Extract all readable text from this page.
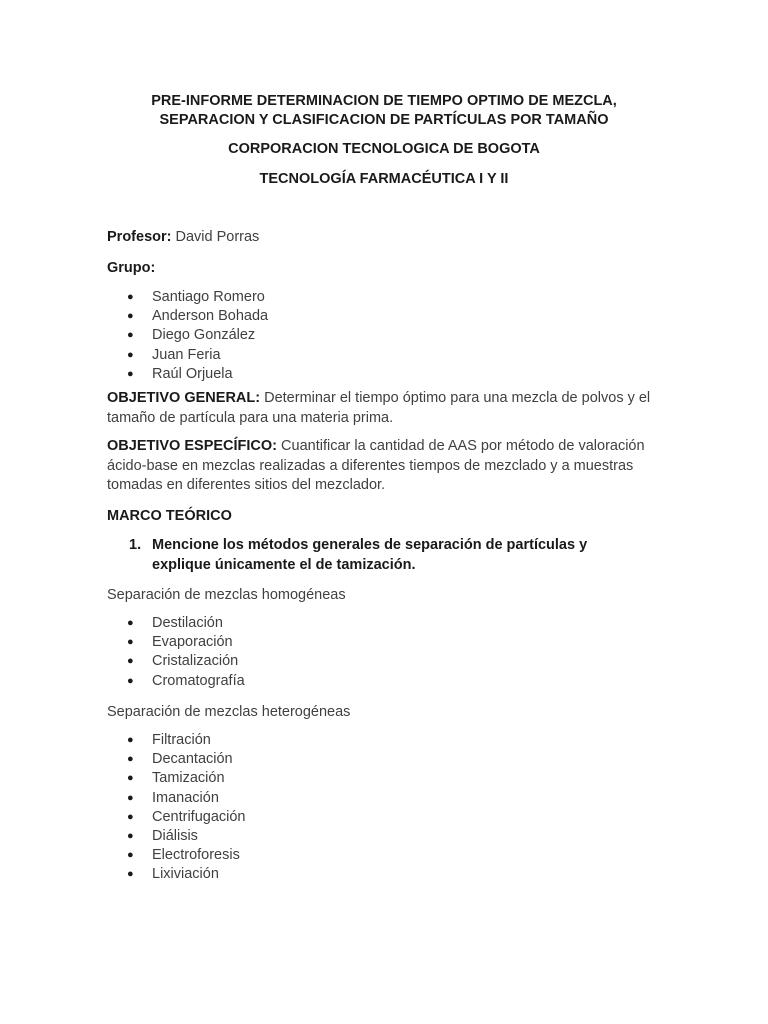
PRE-INFORME DETERMINACION DE TIEMPO OPTIMO DE MEZCLA,
SEPARACION Y CLASIFICACION DE PARTÍCULAS POR TAMAÑO
CORPORACION TECNOLOGICA DE BOGOTA
TECNOLOGÍA FARMACÉUTICA I Y II
Profesor: David Porras
Grupo:
● Santiago Romero
● Anderson Bohada
● Diego González
● Juan Feria
● Raúl Orjuela
OBJETIVO GENERAL: Determinar el tiempo óptimo para una mezcla de polvos y el tamaño de partícula para una materia prima.
OBJETIVO ESPECÍFICO: Cuantificar la cantidad de AAS por método de valoración ácido-base en mezclas realizadas a diferentes tiempos de mezclado y a muestras tomadas en diferentes sitios del mezclador.
MARCO TEÓRICO
1. Mencione los métodos generales de separación de partículas y explique únicamente el de tamización.
Separación de mezclas homogéneas
● Destilación
● Evaporación
● Cristalización
● Cromatografía
Separación de mezclas heterogéneas
● Filtración
● Decantación
● Tamización
● Imanación
● Centrifugación
● Diálisis
● Electroforesis
● Lixiviación
